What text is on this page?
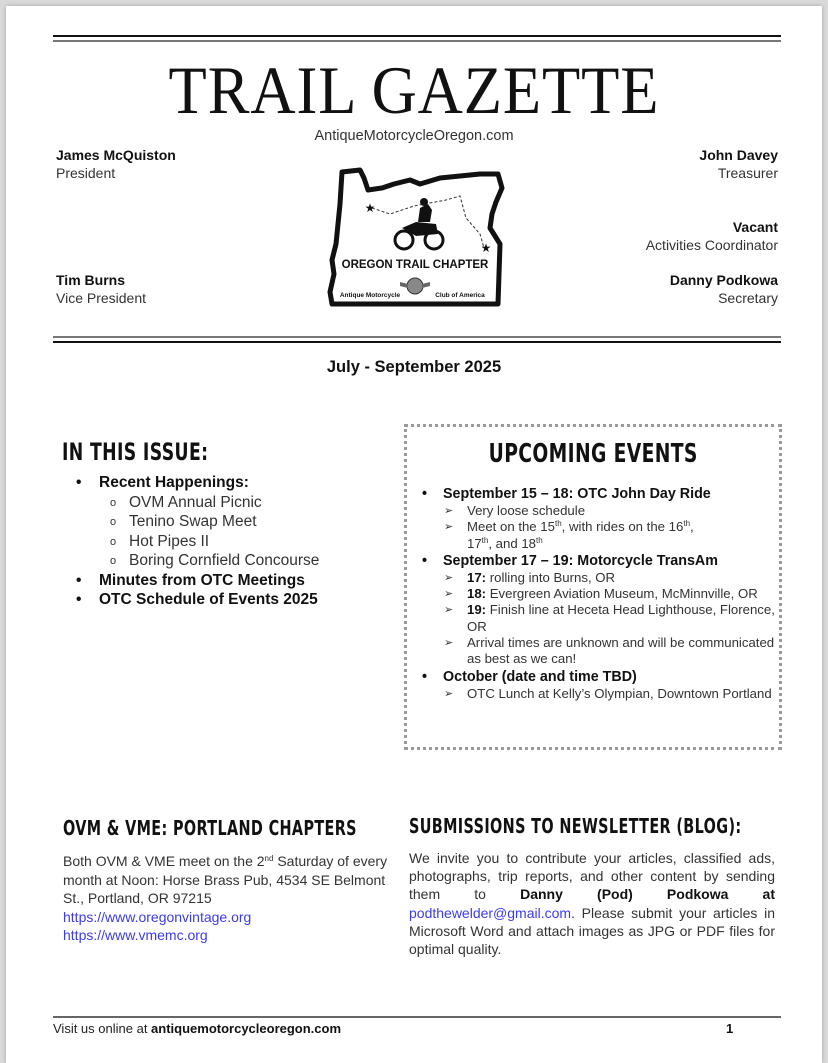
TRAIL GAZETTE
AntiqueMotorcycleOregon.com
James McQuiston
President
Tim Burns
Vice President
John Davey
Treasurer
Vacant
Activities Coordinator
Danny Podkowa
Secretary
★
★
OREGON TRAIL CHAPTER
Antique Motorcycle	Club of America
July - September 2025
IN THIS ISSUE:
• Recent Happenings:
o OVM Annual Picnic
o Tenino Swap Meet
o Hot Pipes II
o Boring Cornfield Concourse
• Minutes from OTC Meetings
• OTC Schedule of Events 2025
UPCOMING EVENTS
• September 15 – 18: OTC John Day Ride
➢ Very loose schedule
➢ Meet on the 15th, with rides on the 16th,
17th, and 18th
• September 17 – 19: Motorcycle TransAm
➢ 17: rolling into Burns, OR
➢ 18: Evergreen Aviation Museum, McMinnville, OR
➢ 19: Finish line at Heceta Head Lighthouse, Florence, OR
➢ Arrival times are unknown and will be communicated as best as we can!
• October (date and time TBD)
➢ OTC Lunch at Kelly’s Olympian, Downtown Portland
OVM & VME: PORTLAND CHAPTERS
Both OVM & VME meet on the 2nd Saturday of every month at Noon: Horse Brass Pub, 4534 SE Belmont St., Portland, OR 97215
https://www.oregonvintage.org
https://www.vmemc.org
SUBMISSIONS TO NEWSLETTER (BLOG):
We invite you to contribute your articles, classified ads, photographs, trip reports, and other content by sending them to Danny (Pod) Podkowa at podthewelder@gmail.com. Please submit your articles in Microsoft Word and attach images as JPG or PDF files for optimal quality.
Visit us online at antiquemotorcycleoregon.com	1
